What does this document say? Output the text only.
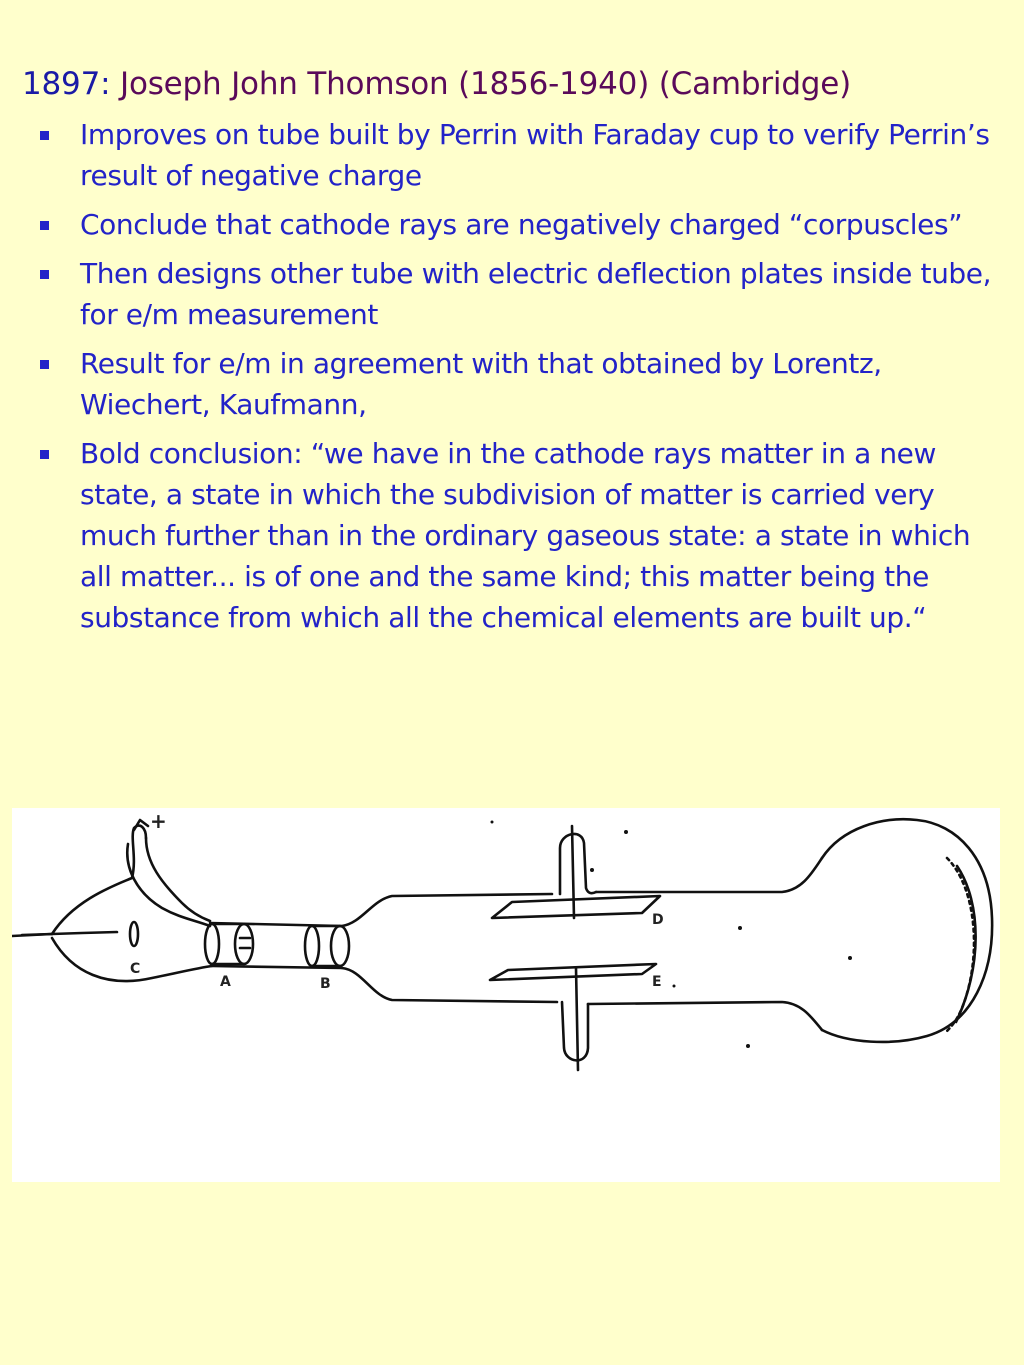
1897: Joseph John Thomson (1856-1940) (Cambridge)
Improves on tube built by Perrin with Faraday cup to verify Perrin’s result of negative charge
Conclude that cathode rays are negatively charged “corpuscles”
Then designs other tube with electric deflection plates inside tube, for e/m measurement
Result for e/m in agreement with that obtained by Lorentz, Wiechert, Kaufmann,
Bold conclusion: “we have in the cathode rays matter in a new state, a state in which the subdivision of matter is carried very much further than in the ordinary gaseous state: a state in which all matter... is of one and the same kind; this matter being the substance from which all the chemical elements are built up.“
+
C
A	B
D
E
